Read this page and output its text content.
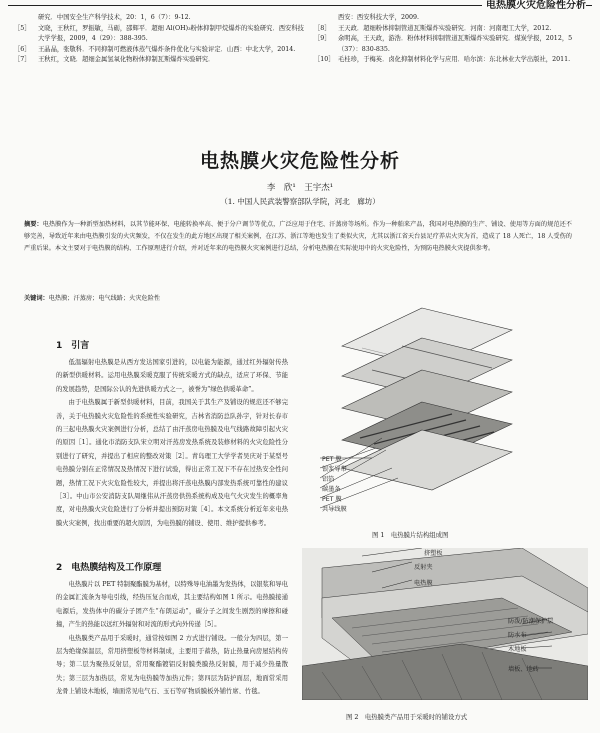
电热膜火灾危险性分析
研究．中国安全生产科学技术，20：1，6（7）：9-12.
［5］	文晓，王秋红，罗振敏，马砺，邵辉平．超细 Al(OH)₃粉体抑制甲烷爆炸的实验研究．西安科技大学学报，2009，4（29）：388-395.
［6］	王晶晶，张敬科．不同抑制可燃液体蒸气爆炸条件优化与实验评定．山西：中北大学，2014.
［7］	王秋红，文晓．超细金属氢氧化物粉体抑制瓦斯爆炸实验研究．
西安：西安科技大学，2009.
［8］	王天政．超细粉体抑制管道瓦斯爆炸实验研究．河南：河南理工大学，2012.
［9］	余明高，王天政，游浩．粉体材料抑制管道瓦斯爆炸实验研究．煤炭学报，2012，5（37）：830-835.
［10］ 毛桂珍，于梅英．卤化抑制材料化学与应用．哈尔滨：东北林业大学出版社，2011.
电热膜火灾危险性分析
李　欣¹　王宇杰¹
（1. 中国人民武装警察部队学院，河北　廊坊）
摘要：电热膜作为一种新型加热材料，以其节能环保、电能转换率高、便于分户调节等优点，广泛应用于住宅、汗蒸房等场所。作为一种舶来产品，我国对电热膜的生产、铺设、使用等方面的规范还不够完善，导致近年来由电热膜引发的火灾频发，不仅在发生的此方地区出现了相关案例，在江苏、浙江等地也发生了类似火灾，尤其以浙江省天台县足疗养店火灾为首，造成了 18 人死亡，18 人受伤的严重后果。本文主要对于电热膜的结构、工作原理进行介绍，并对近年来的电热膜火灾案例进行总结，分析电热膜在实际使用中的火灾危险性，为预防电热膜火灾提供参考。
关键词：电热膜；汗蒸房；电气线路；火灾危险性
1　引言

低温辐射电热膜是从西方发达国家引进的，以电能为能源，通过红外辐射传热的新型供暖材料。运用电热膜采暖克服了传统采暖方式的缺点，适应了环保、节能的发展趋势，是国际公认的先进供暖方式之一，被誉为“绿色供暖革命”。

由于电热膜属于新型供暖材料，目前，我国关于其生产及铺设的规范还不够完善，关于电热膜火灾危险性的系统性实验研究，吉林省消防总队孙宇，针对长春市的三起电热膜火灾案例进行分析，总结了由汗蒸房电热膜及电气线路故障引起火灾的原因［1］。通化市消防支队宋立明对汗蒸房发热系统及装修材料的火灾危险性分别进行了研究，并提出了相应的整改对策［2］。青岛理工大学学者吴庆对于某型号电热膜分别在正常情况及热情况下进行试验，得出正常工况下不存在过热安全性问题，热情工况下火灾危险性较大，并提出将汗蒸电热膜内部发热系统可靠性的建议［3］。中山市公安消防支队周继伟从汗蒸房供热系统构成及电气火灾发生的概率角度，对电热膜火灾危险进行了分析并提出预防对策［4］。本文系统分析近年来电热膜火灾案例，找出重要的超火原因，为电热膜的铺设、使用、维护提供参考。

2　电热膜结构及工作原理

电热膜片以 PET 特制聚酯膜为基材，以特殊导电油墨为发热体，以银浆和导电的金属汇流条为导电引线，经热压复合而成，其主要结构如图 1 所示。电热膜接通电源后，发热体中的碳分子团产生“布朗运动”，碳分子之间发生剧烈的摩擦和碰撞，产生的热能以远红外辐射和对流的形式向外传递［5］。

电热膜类产品用于采暖时，通常按如图 2 方式进行铺设。一般分为四层，第一层为绝缘保温层，常用挤塑板等材料制成，主要用于蓄热，防止热量向房屋结构传导；第二层为聚热反射层，常用聚酯镀铝反射膜类膜热反射膜，用于减少热量散失；第三层为加热层，常见为电热膜等加热元件；第四层为防护面层，地面常采用龙骨上铺设木地板，墙面常见电气石、玉石等矿物质膜板外铺竹席、竹毯。

PET 膜
银浆导带
铝箔
碳墨条
PET 膜
共导线膜
图 1　电热膜片结构组成图
挤塑板
反射夹
电热膜
防泼/防潮保护层
防水布
木地板
墙板、地砖
图 2　电热膜类产品用于采暖时的铺设方式
